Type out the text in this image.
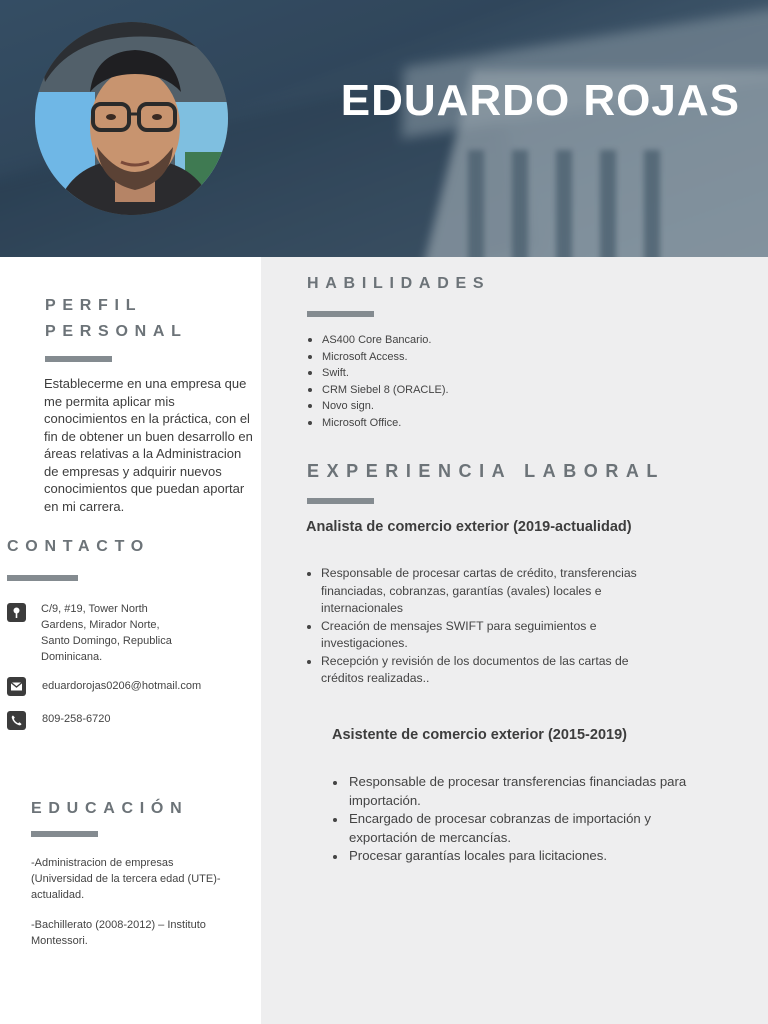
EDUARDO ROJAS
PERFIL
PERSONAL

Establecerme en una empresa que me permita aplicar mis conocimientos en la práctica, con el fin de obtener un buen desarrollo en áreas relativas a la Administracion de empresas y adquirir nuevos conocimientos que puedan aportar en mi carrera.

CONTACTO
C/9, #19, Tower North
Gardens, Mirador Norte,
Santo Domingo, Republica
Dominicana.
eduardorojas0206@hotmail.com
809-258-6720
EDUCACIÓN
-Administracion de empresas
(Universidad de la tercera edad (UTE)-
actualidad.
-Bachillerato (2008-2012) – Instituto
Montessori.
HABILIDADES
AS400 Core Bancario.
Microsoft Access.
Swift.
CRM Siebel 8 (ORACLE).
Novo sign.
Microsoft Office.
EXPERIENCIA LABORAL
Analista de comercio exterior (2019-actualidad)
Responsable de procesar cartas de crédito, transferencias
financiadas, cobranzas, garantías (avales) locales e
internacionales
Creación de mensajes SWIFT para seguimientos e
investigaciones.
Recepción y revisión de los documentos de las cartas de
créditos realizadas..
Asistente de comercio exterior (2015-2019)
Responsable de procesar transferencias financiadas para
importación.
Encargado de procesar cobranzas de importación y
exportación de mercancías.
Procesar garantías locales para licitaciones.
